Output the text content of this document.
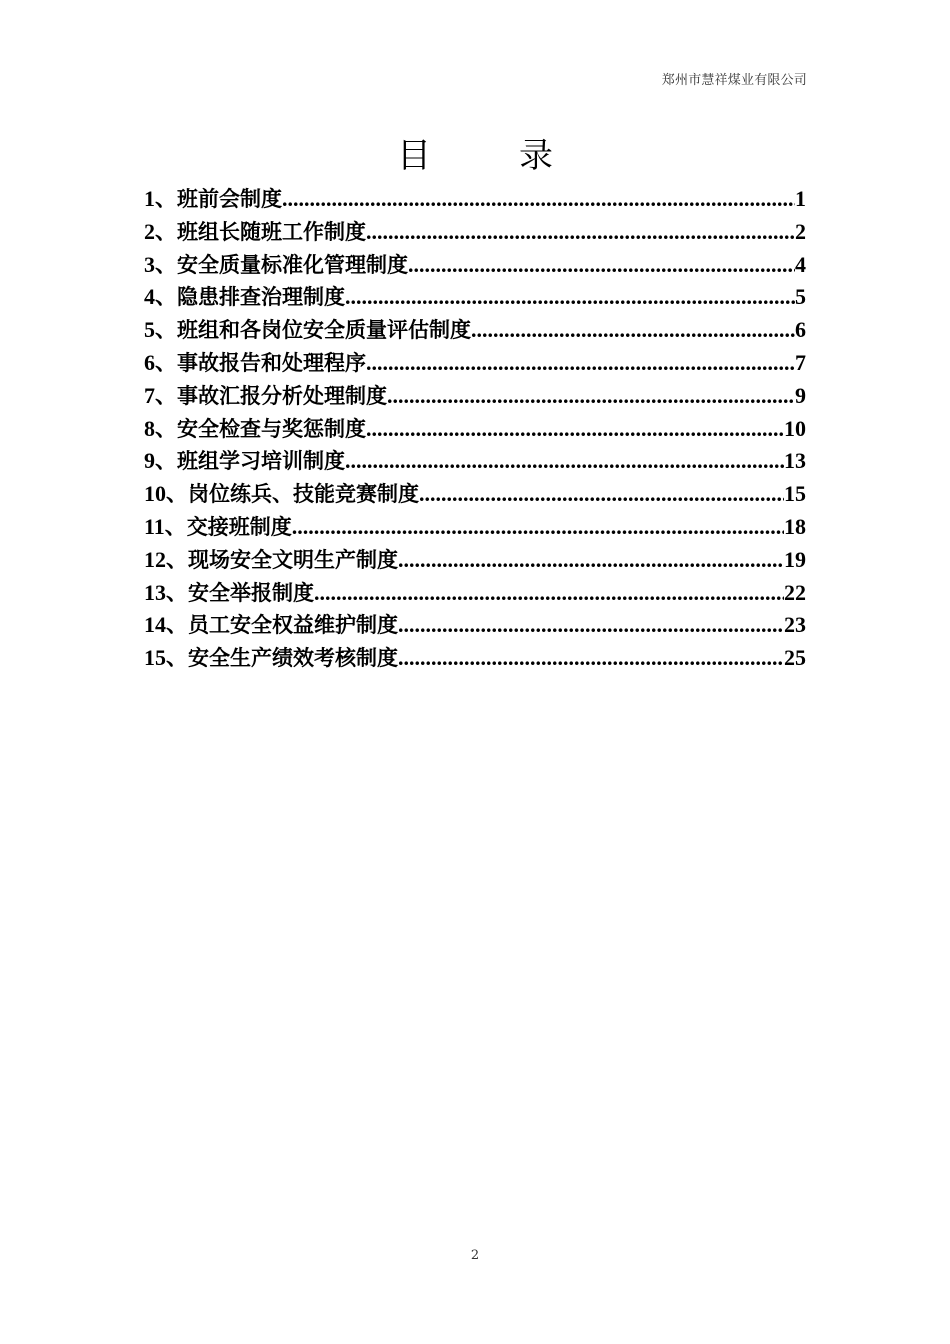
郑州市慧祥煤业有限公司
目	录
1、 班前会制度 .....	1
2、 班组长随班工作制度 .....	2
3、 安全质量标准化管理制度 .....	4
4、 隐患排查治理制度 .....	5
5、 班组和各岗位安全质量评估制度 .....	6
6、 事故报告和处理程序 .....	7
7、 事故汇报分析处理制度 .....	9
8、 安全检查与奖惩制度 .....	10
9、 班组学习培训制度 .....	13
10、 岗位练兵、技能竞赛制度 .....	15
11、 交接班制度 .....	18
12、 现场安全文明生产制度 .....	19
13、 安全举报制度 .....	22
14、 员工安全权益维护制度 .....	23
15、 安全生产绩效考核制度 .....	25
2
